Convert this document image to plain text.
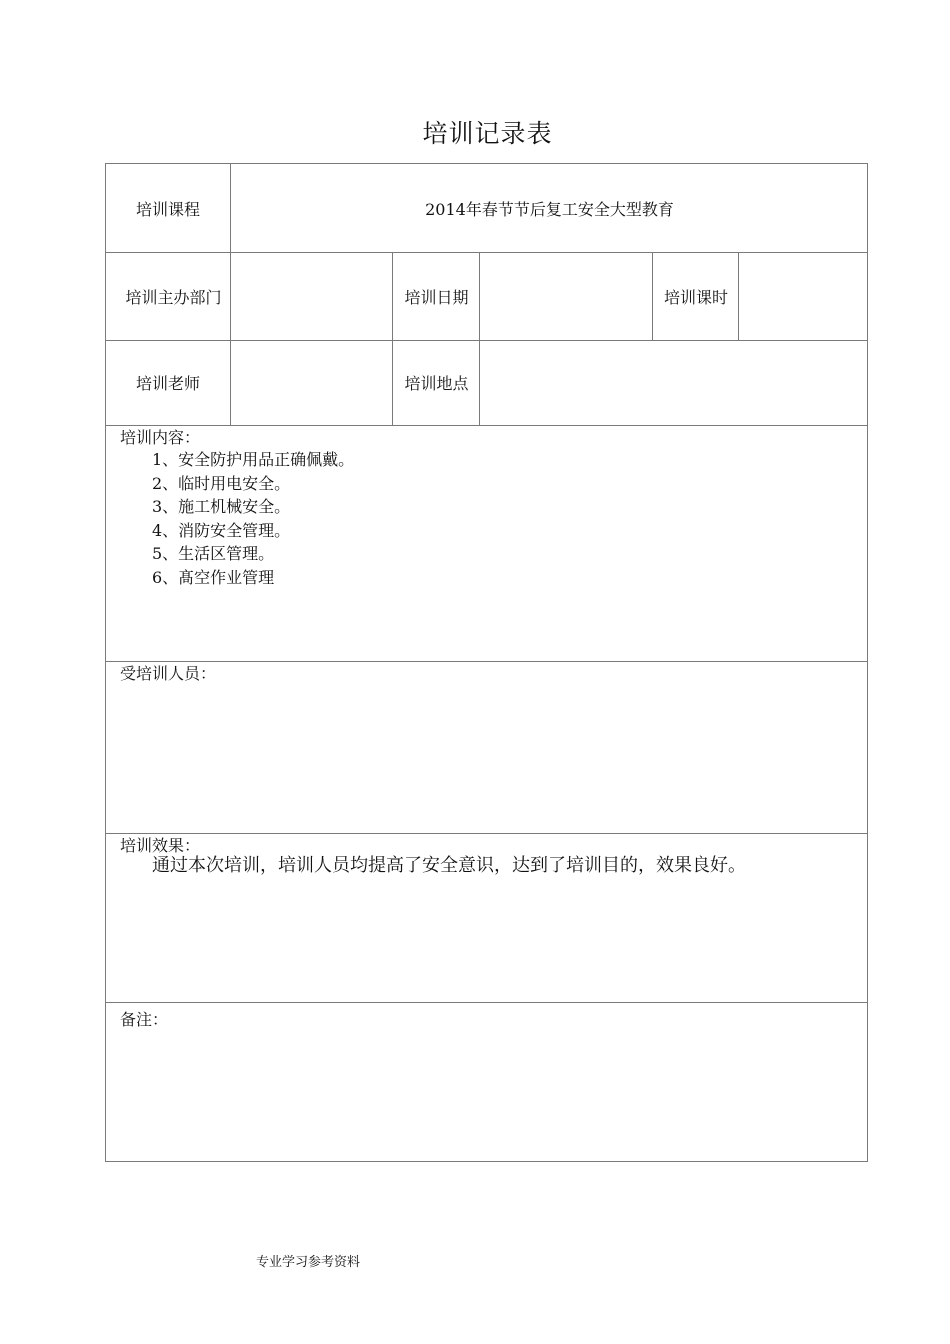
培训记录表
培训课程	2014年春节节后复工安全大型教育
培训主办部门	培训日期	培训课时
培训老师	培训地点
培训内容：
1、安全防护用品正确佩戴。
2、临时用电安全。
3、施工机械安全。
4、消防安全管理。
5、生活区管理。
6、髙空作业管理
受培训人员：
培训效果：
通过本次培训，培训人员均提高了安全意识，达到了培训目的，效果良好。
备注：
专业学习参考资料
